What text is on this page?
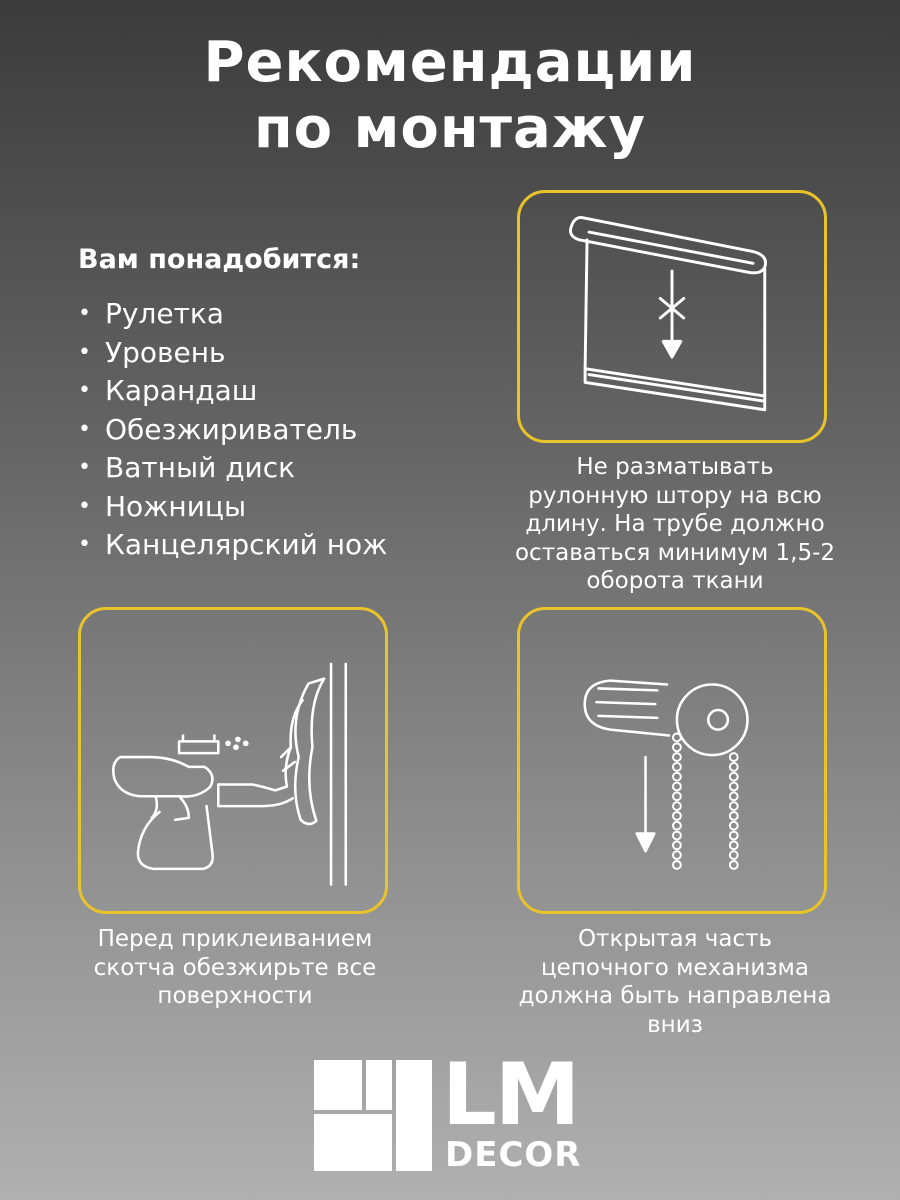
Рекомендации
по монтажу
Вам понадобится:
• Рулетка
• Уровень
• Карандаш
• Обезжириватель
• Ватный диск
• Ножницы
• Канцелярский нож

Не разматывать
рулонную штору на всю
длину. На трубе должно
оставаться минимум 1,5-2
оборота ткани

Перед приклеиванием
скотча обезжирьте все
поверхности

Открытая часть
цепочного механизма
должна быть направлена
вниз

LM
DECOR
